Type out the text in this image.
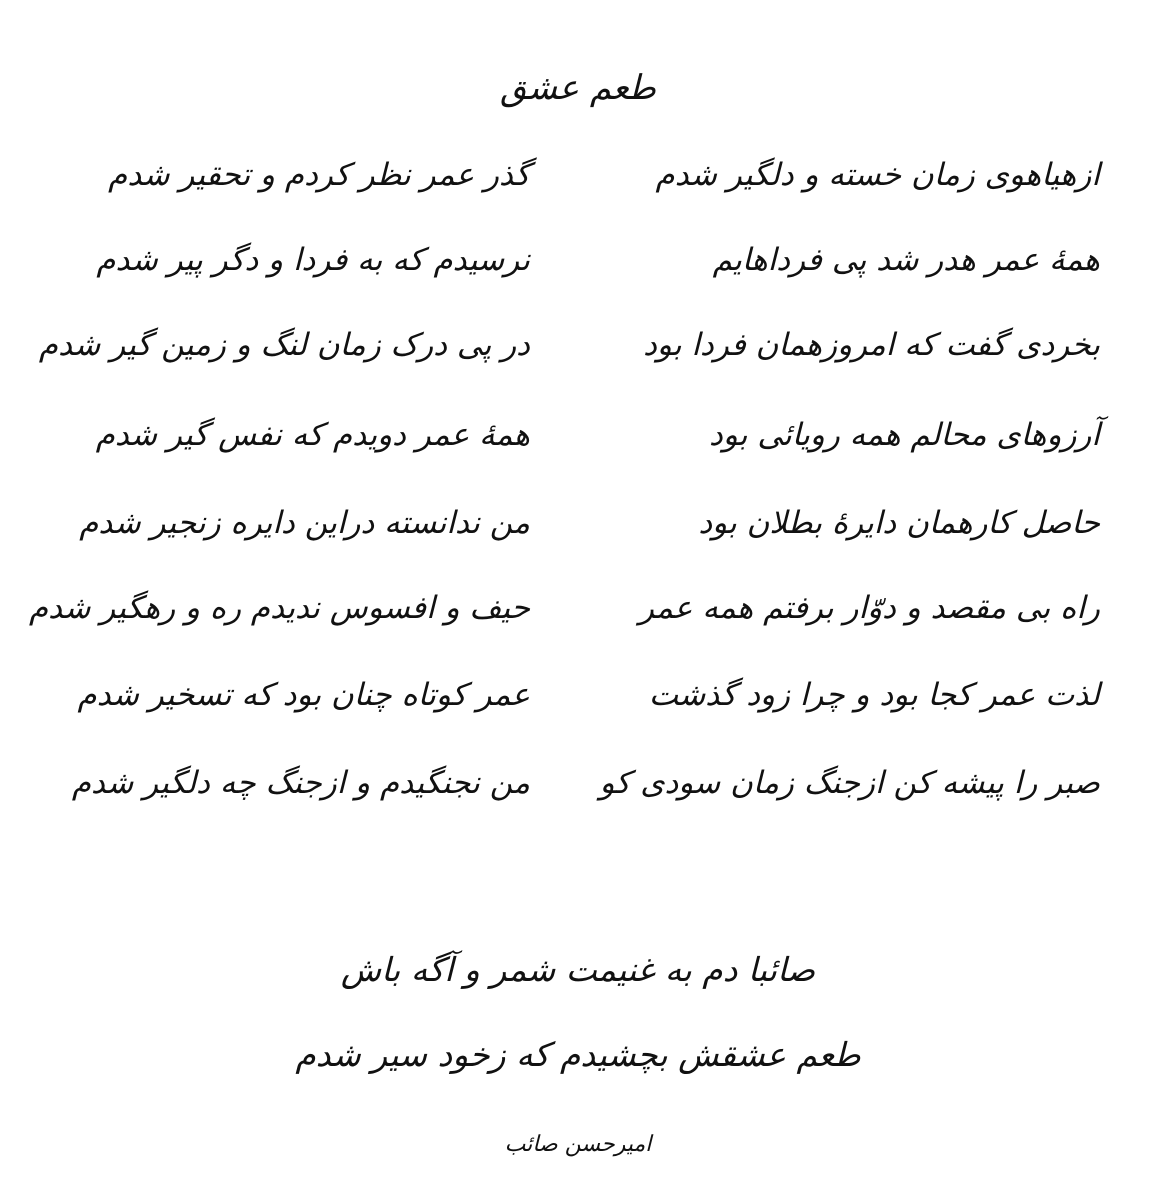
طعم عشق
ازهیاهوی زمان خسته و دلگیر شدم
گذر عمر نظر کردم و تحقیر شدم
همهٔ عمر هدر شد پی فرداهایم
نرسیدم که به فردا و دگر پیر شدم
بخردی گفت که امروزهمان فردا بود
در پی درک زمان لنگ و زمین گیر شدم
آرزوهای محالم همه رویائی بود
همهٔ عمر دویدم که نفس گیر شدم
حاصل کارهمان دایرهٔ بطلان بود
من ندانسته دراین دایره زنجیر شدم
راه بی مقصد و دوّار برفتم همه عمر
حیف و افسوس ندیدم ره و رهگیر شدم
لذت عمر کجا بود و چرا زود گذشت
عمر کوتاه چنان بود که تسخیر شدم
صبر را پیشه کن ازجنگ زمان سودی کو
من نجنگیدم و ازجنگ چه دلگیر شدم
صائبا دم به غنیمت شمر و آگه باش
طعم عشقش بچشیدم که زخود سیر شدم
امیرحسن صائب
